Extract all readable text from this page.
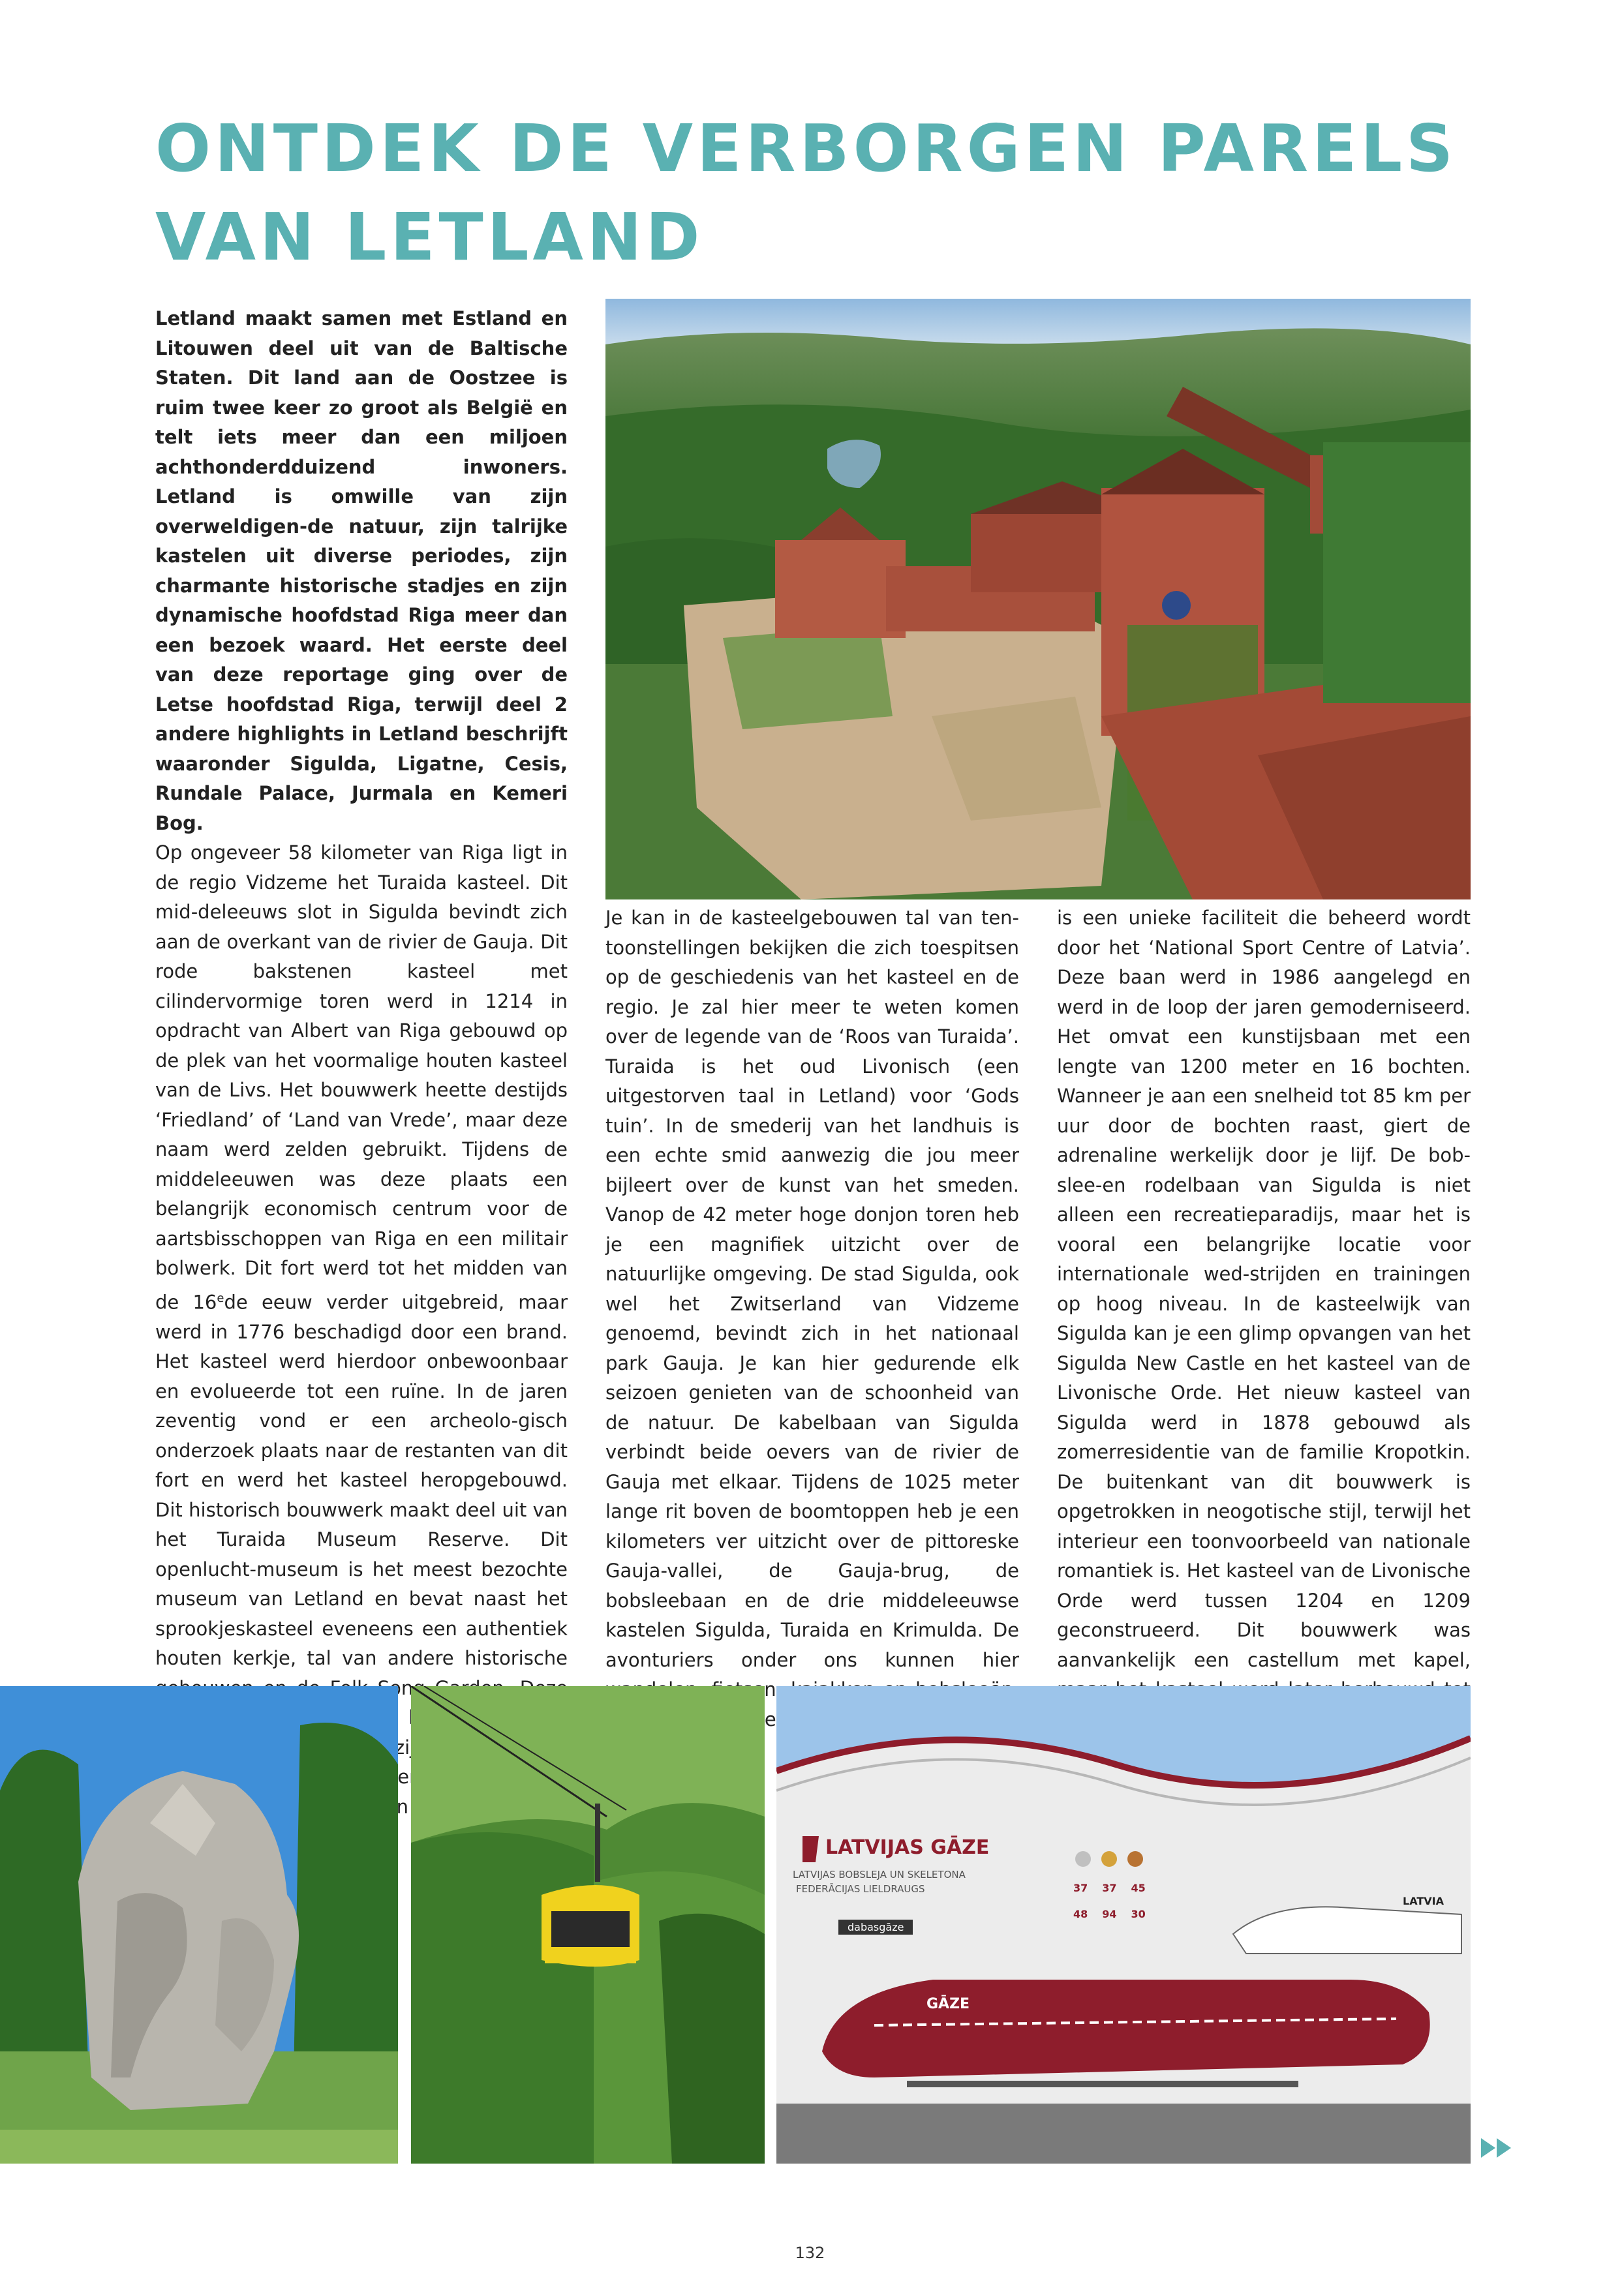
ONTDEK DE VERBORGEN PARELS
VAN LETLAND

Letland maakt samen met Estland en Litouwen deel uit van de Baltische Staten. Dit land aan de Oostzee is ruim twee keer zo groot als België en telt iets meer dan een miljoen achthonderdduizend inwoners. Letland is omwille van zijn overweldigen-de natuur, zijn talrijke kastelen uit diverse periodes, zijn charmante historische stadjes en zijn dynamische hoofdstad Riga meer dan een bezoek waard. Het eerste deel van deze reportage ging over de Letse hoofdstad Riga, terwijl deel 2 andere highlights in Letland beschrijft waaronder Sigulda, Ligatne, Cesis, Rundale Palace, Jurmala en Kemeri Bog.

Op ongeveer 58 kilometer van Riga ligt in de regio Vidzeme het Turaida kasteel. Dit mid-deleeuws slot in Sigulda bevindt zich aan de overkant van de rivier de Gauja. Dit rode bakstenen kasteel met cilindervormige toren werd in 1214 in opdracht van Albert van Riga gebouwd op de plek van het voormalige houten kasteel van de Livs. Het bouwwerk heette destijds ‘Friedland’ of ‘Land van Vrede’, maar deze naam werd zelden gebruikt. Tijdens de middeleeuwen was deze plaats een belangrijk economisch centrum voor de aartsbisschoppen van Riga en een militair bolwerk. Dit fort werd tot het midden van de 16ede eeuw verder uitgebreid, maar werd in 1776 beschadigd door een brand. Het kasteel werd hierdoor onbewoonbaar en evolueerde tot een ruïne. In de jaren zeventig vond er een archeolo-gisch onderzoek plaats naar de restanten van dit fort en werd het kasteel heropgebouwd. Dit historisch bouwwerk maakt deel uit van het Turaida Museum Reserve. Dit openlucht-museum is het meest bezochte museum van Letland en bevat naast het sprookjeskasteel eveneens een authentiek houten kerkje, tal van andere historische Song zijn

Je kan in de kasteelgebouwen tal van ten-toonstellingen bekijken die zich toespitsen op de geschiedenis van het kasteel en de regio. Je zal hier meer te weten komen over de legende van de ‘Roos van Turaida’. Turaida is het oud Livonisch (een uitgestorven taal in Letland) voor ‘Gods tuin’. In de smederij van het landhuis is een echte smid aanwezig die jou meer bijleert over de kunst van het smeden. Vanop de 42 meter hoge donjon toren heb je een magnifiek uitzicht over de natuurlijke omgeving. De stad Sigulda, ook wel het Zwitserland van Vidzeme genoemd, bevindt zich in het nationaal park Gauja. Je kan hier gedurende elk seizoen genieten van de schoonheid van de natuur. De kabelbaan van Sigulda verbindt beide oevers van de rivier de Gauja met elkaar. Tijdens de 1025 meter lange rit boven de boomtoppen heb je een kilometers ver uitzicht over de pittoreske Gauja-vallei, de Gauja-brug, de bobsleebaan en de drie middeleeuwse kastelen Sigulda, Turaida en Krimulda. De avonturiers onder ons kunnen hier bobslee-en

is een unieke faciliteit die beheerd wordt door het ‘National Sport Centre of Latvia’. Deze baan werd in 1986 aangelegd en werd in de loop der jaren gemoderniseerd. Het omvat een kunstijsbaan met een lengte van 1200 meter en 16 bochten. Wanneer je aan een snelheid tot 85 km per uur door de bochten raast, giert de adrenaline werkelijk door je lijf. De bob-slee-en rodelbaan van Sigulda is niet alleen een recreatieparadijs, maar het is vooral een belangrijke locatie voor internationale wed-strijden en trainingen op hoog niveau. In de kasteelwijk van Sigulda kan je een glimp opvangen van het Sigulda New Castle en het kasteel van de Livonische Orde. Het nieuw kasteel van Sigulda werd in 1878 gebouwd als zomerresidentie van de familie Kropotkin. De buitenkant van dit bouwwerk is opgetrokken in neogotische stijl, terwijl het interieur een toonvoorbeeld van nationale romantiek is. Het kasteel van de Livonische Orde werd tussen 1204 en 1209 geconstrueerd. Dit bouwwerk was aanvankelijk een castellum met kapel,

LATVIJAS GĀZE
LATVIJAS BOBSLEJA UN SKELETONA
FEDERĀCIJAS LIELDRAUGS
dabasgāze
37 37 45
48 94 30
GĀZE
LATVIA
132
